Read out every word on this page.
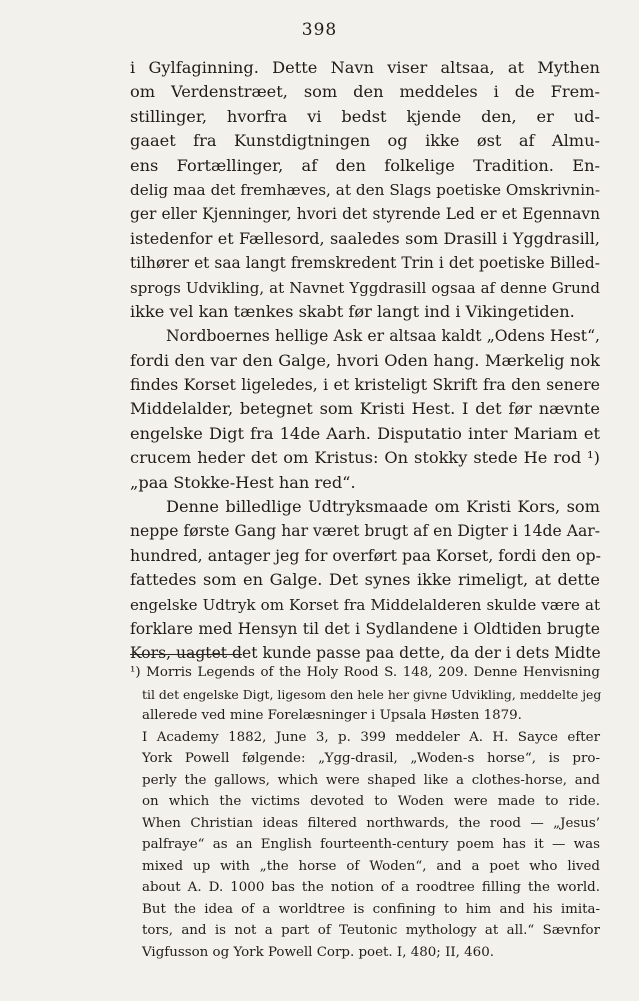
398
i Gylfaginning. Dette Navn viser altsaa, at Mythen
om Verdenstræet, som den meddeles i de Frem-
stillinger, hvorfra vi bedst kjende den, er ud-
gaaet fra Kunstdigtningen og ikke øst af Almu-
ens Fortællinger, af den folkelige Tradition. En-
delig maa det fremhæves, at den Slags poetiske Omskrivnin-
ger eller Kjenninger, hvori det styrende Led er et Egennavn
istedenfor et Fællesord, saaledes som Drasill i Yggdrasill,
tilhører et saa langt fremskredent Trin i det poetiske Billed-
sprogs Udvikling, at Navnet Yggdrasill ogsaa af denne Grund
ikke vel kan tænkes skabt før langt ind i Vikingetiden.
Nordboernes hellige Ask er altsaa kaldt „Odens Hest“,
fordi den var den Galge, hvori Oden hang. Mærkelig nok
findes Korset ligeledes, i et kristeligt Skrift fra den senere
Middelalder, betegnet som Kristi Hest. I det før nævnte
engelske Digt fra 14de Aarh. Disputatio inter Mariam et
crucem heder det om Kristus: On stokky stede He rod ¹)
„paa Stokke-Hest han red“.
Denne billedlige Udtryksmaade om Kristi Kors, som
neppe første Gang har været brugt af en Digter i 14de Aar-
hundred, antager jeg for overført paa Korset, fordi den op-
fattedes som en Galge. Det synes ikke rimeligt, at dette
engelske Udtryk om Korset fra Middelalderen skulde være at
forklare med Hensyn til det i Sydlandene i Oldtiden brugte
Kors, uagtet det kunde passe paa dette, da der i dets Midte
¹) Morris Legends of the Holy Rood S. 148, 209. Denne Henvisning
til det engelske Digt, ligesom den hele her givne Udvikling, meddelte jeg
allerede ved mine Forelæsninger i Upsala Høsten 1879.
I Academy 1882, June 3, p. 399 meddeler A. H. Sayce efter
York Powell følgende: „Ygg-drasil, „Woden-s horse“, is pro-
perly the gallows, which were shaped like a clothes-horse, and
on which the victims devoted to Woden were made to ride.
When Christian ideas filtered northwards, the rood — „Jesus’
palfraye“ as an English fourteenth-century poem has it — was
mixed up with „the horse of Woden“, and a poet who lived
about A. D. 1000 bas the notion of a roodtree filling the world.
But the idea of a worldtree is confining to him and his imita-
tors, and is not a part of Teutonic mythology at all.“ Sævnfor
Vigfusson og York Powell Corp. poet. I, 480; II, 460.
